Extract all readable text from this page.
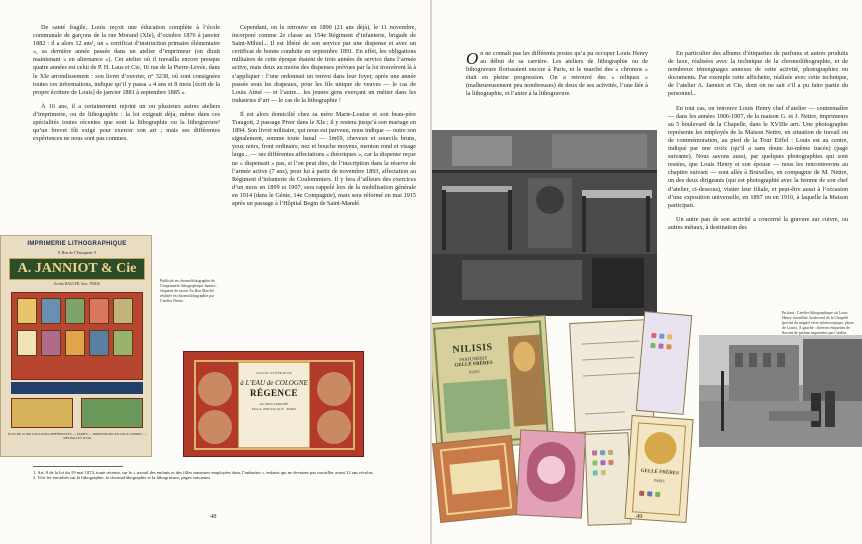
De santé fragile, Louis reçoit une éducation complète à l’école communale de garçons de la rue Morand (XIe), d’octobre 1876 à janvier 1882 : il a alors 12 ans¹, un « certificat d’instruction primaire élémentaire », sa dernière année passée dans un atelier d’imprimeur (on dirait maintenant « en alternance »). Cet atelier où il travailla encore presque quatre années est celui de P. H. Laus et Cie, 16 rue de la Pierre-Levée, dans le XIe arrondissement : son livret d’ouvrier, n° 3238, où sont consignées toutes ces informations, indique qu’il y passa « 4 ans et 8 mois [écrit de la propre écriture de Louis] de janvier 1881 à septembre 1885 ».

À 16 ans, il a certainement rejoint un ou plusieurs autres ateliers d’imprimerie, ou de lithographie : la loi exigeait déjà, même dans ces spécialités toutes récentes que sont la lithographie ou la lithogravure² qu’un brevet fût exigé pour exercer son art ; mais ses différentes expériences ne nous sont pas connues.

Cependant, on le retrouve en 1890 (21 ans déjà), le 11 novembre, incorporé comme 2e classe au 154e Régiment d’infanterie, brigade de Saint-Mihiel... Il est libéré de son service par une dispense et avec un certificat de bonne conduite en septembre 1891. En effet, les obligations militaires de cette époque étaient de trois années de service dans l’armée active, mais deux au moins des dispenses prévues par la loi trouvèrent là à s’appliquer : l’une ordonnait un renvoi dans leur foyer, après une année passée sous les drapeaux, pour les fils unique de veuves — le cas de Louis Aimé — et l’autre... les jeunes gens exerçant un métier dans les industries d’art — le cas de la lithographie !

Il est alors domicilié chez sa mère Marie-Louise et son beau-père Traugott, 2 passage Piver dans le XIe ; il y restera jusqu’à son mariage en 1894. Son livret militaire, qui nous est parvenu, nous indique — outre son signalement, somme toute banal — 1m69, cheveux et sourcils bruns, yeux noirs, front ordinaire, nez et bouche moyens, menton rond et visage large... — ses différentes affectations « théoriques », car la dispense reçue ne « dispensait » pas, si l’on peut dire, de l’inscription dans la réserve de l’armée active (7 ans), pour lui à partir de novembre 1893, affectation au Régiment d’infanterie de Coulommiers. Il y fera d’ailleurs des exercices d’un mois en 1899 et 1907, sera rappelé lors de la mobilisation générale en 1914 (dans le Génie, 14e Compagnie), mais sera réformé en mai 1915 après un passage à l’Hôpital Begin de Saint-Mandé.

IMPRIMERIE LITHOGRAPHIQUE
9. Rue de l’Estrapade. 9
A. JANNIOT & Cie
Ecoles HAULER. Succ. PARIS
PLUS DE 10 000 COULEURS DIFFÉRENTES — TARIFS — IMPRESSIONS EN TOUS GENRES — MÉDAILLES D’OR
Publicité en chromolithographie de l’imprimerie lithographique Janniot : étiquette de savon Au Bon Marché réalisée en chromolithographie par l’atelier Nettre.
SAVON SUPÉRIEUR
à L’EAU de COLOGNE
RÉGENCE
AU BON MARCHÉ
Mon A. BOUCICAUT · PARIS
1. Art. 9 de la loi du 19 mai 1874, toute récente, sur le « travail des enfants et des filles mineures employées dans l’industrie », enfants qui ne devaient pas travailler avant 12 ans révolus.
2. Voir les encadrés sur la lithographie, la chromolithographie et la lithogravure, pages suivantes.
48

On ne connaît pas les différents postes qu’a pu occuper Louis Henry au début de sa carrière. Les ateliers de lithographie ou de lithogravure florissaient encore à Paris, et le marché des « chromos » était en pleine progression. On a retrouvé des « reliques » (malheureusement peu nombreuses) de deux de ses activités, l’une liée à la lithographie, et l’autre à la lithogravure.

En particulier des albums d’étiquettes de parfums et autres produits de luxe, réalisées avec la technique de la chromolithographie, et de nombreux témoignages annexes de cette activité, photographies ou documents. Par exemple cette affichette, réalisée avec cette technique, de l’atelier A. Janniot et Cie, dont on ne sait s’il a pu faire partie du personnel...

En tout cas, on retrouve Louis Henry chef d’atelier — contremaître — dans les années 1906-1907, de la maison G. et J. Nettre, imprimeurs au 5 boulevard de la Chapelle, dans le XVIIIe arrt. Une photographie représente les employés de la Maison Nettre, en situation de travail ou de commémoration, au pied de la Tour Eiffel : Louis est au centre, indiqué par une croix (qu’il a sans doute lui-même tracée) (page suivante). Nous savons aussi, par quelques photographies qui sont restées, que Louis Henry et son épouse — nous les rencontrerons au chapitre suivant — sont allés à Bruxelles, en compagnie de M. Nettre, un des deux dirigeants (qui est photographié avec la femme de son chef d’atelier, ci-dessous), visiter leur filiale, et peut-être aussi à l’occasion d’une exposition universelle, en 1897 ou en 1910, à laquelle la Maison participait.

Un autre pan de son activité a concerné la gravure sur cuivre, ou autres métaux, à destination des

En haut : l’atelier lithographique où Louis Henry travaillait, boulevard de la Chapelle (positif du négatif verre stéréoscopique, photo de Louis). À gauche : diverses étiquettes de flacons de parfum imprimées par l’atelier
NILISIS
PARFUMERIE
GELLÉ FRÈRES
PARIS
GELLÉ FRÈRES
PARIS
49
